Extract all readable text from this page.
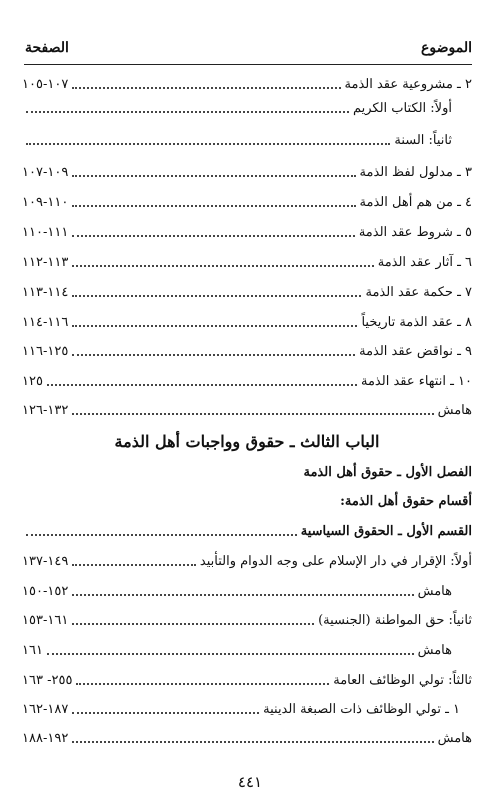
الموضوع
الصفحة
٢ ـ مشروعية عقد الذمة
١٠٧-١٠٥
أولاً: الكتاب الكريم
ثانياً: السنة
٣ ـ مدلول لفظ الذمة
١٠٩-١٠٧
٤ ـ من هم أهل الذمة
١١٠-١٠٩
٥ ـ شروط عقد الذمة
١١١-١١٠
٦ ـ آثار عقد الذمة
١١٣-١١٢
٧ ـ حكمة عقد الذمة
١١٤-١١٣
٨ ـ عقد الذمة تاريخياً
١١٦-١١٤
٩ ـ نواقض عقد الذمة
١٢٥-١١٦
١٠ ـ انتهاء عقد الذمة
١٢٥
هامش
١٣٢-١٢٦
الباب الثالث ـ حقوق وواجبات أهل الذمة
الفصل الأول ـ حقوق أهل الذمة
أقسام حقوق أهل الذمة:
القسم الأول ـ الحقوق السياسية
أولاً: الإقرار في دار الإسلام على وجه الدوام والتأبيد
١٤٩-١٣٧
هامش
١٥٢-١٥٠
ثانياً: حق المواطنة (الجنسية)
١٦١-١٥٣
هامش
١٦١
ثالثاً: تولي الوظائف العامة
٢٥٥- ١٦٣
١ ـ تولي الوظائف ذات الصبغة الدينية
١٨٧-١٦٢
هامش
١٩٢-١٨٨
٤٤١
